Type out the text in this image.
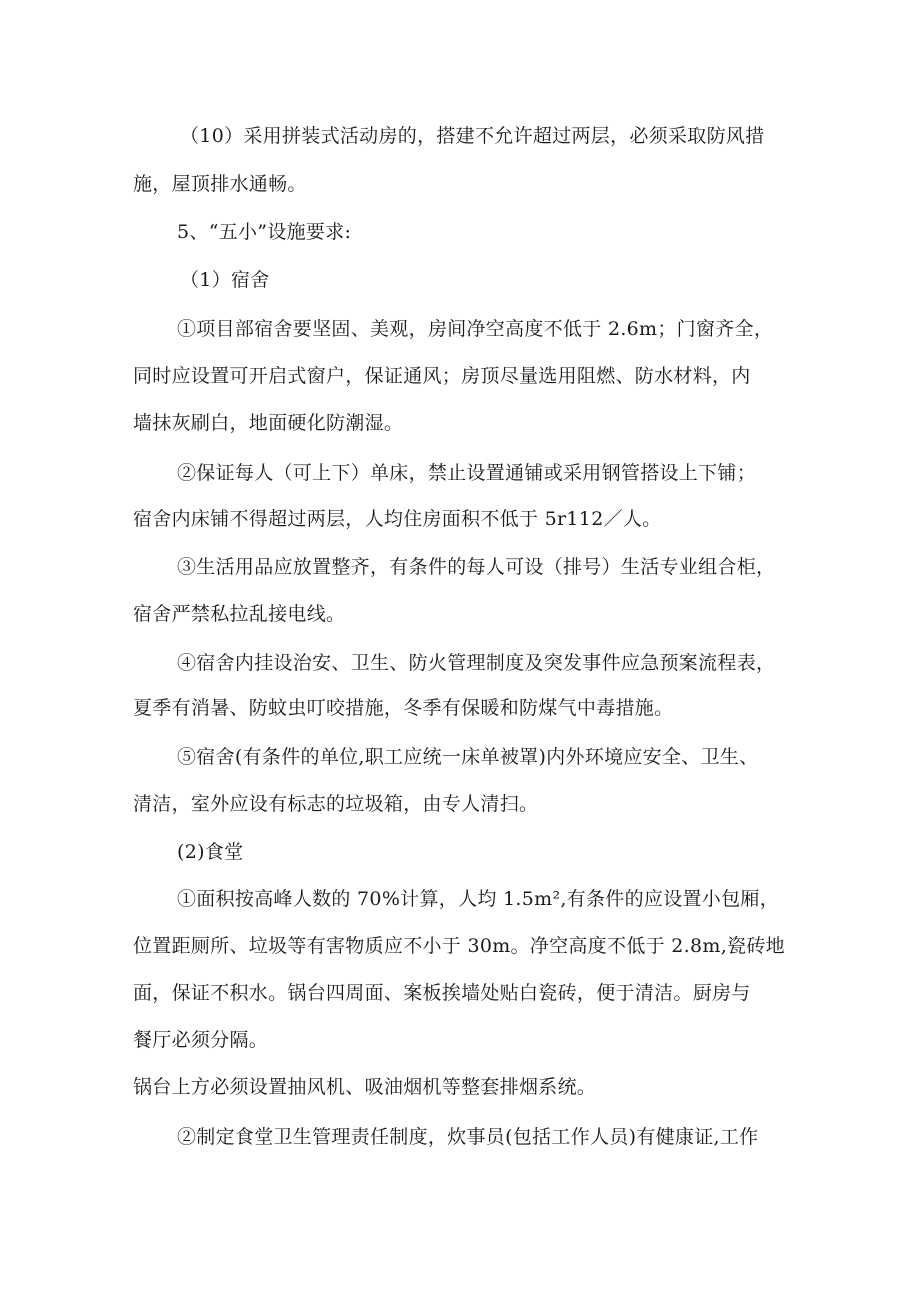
（10）采用拼装式活动房的，搭建不允许超过两层，必须采取防风措
施，屋顶排水通畅。
5、“五小”设施要求:
（1）宿舍
①项目部宿舍要坚固、美观，房间净空高度不低于 2.6m；门窗齐全，
同时应设置可开启式窗户，保证通风；房顶尽量选用阻燃、防水材料，内
墙抹灰刷白，地面硬化防潮湿。
②保证每人（可上下）单床，禁止设置通铺或采用钢管搭设上下铺；
宿舍内床铺不得超过两层，人均住房面积不低于 5r112／人。
③生活用品应放置整齐，有条件的每人可设（排号）生活专业组合柜，
宿舍严禁私拉乱接电线。
④宿舍内挂设治安、卫生、防火管理制度及突发事件应急预案流程表，
夏季有消暑、防蚊虫叮咬措施，冬季有保暖和防煤气中毒措施。
⑤宿舍(有条件的单位,职工应统一床单被罩)内外环境应安全、卫生、
清洁，室外应设有标志的垃圾箱，由专人清扫。
(2)食堂
①面积按高峰人数的 70%计算，人均 1.5m²,有条件的应设置小包厢，
位置距厕所、垃圾等有害物质应不小于 30m。净空高度不低于 2.8m,瓷砖地
面，保证不积水。锅台四周面、案板挨墙处贴白瓷砖，便于清洁。厨房与
餐厅必须分隔。
锅台上方必须设置抽风机、吸油烟机等整套排烟系统。
②制定食堂卫生管理责任制度，炊事员(包括工作人员)有健康证,工作
